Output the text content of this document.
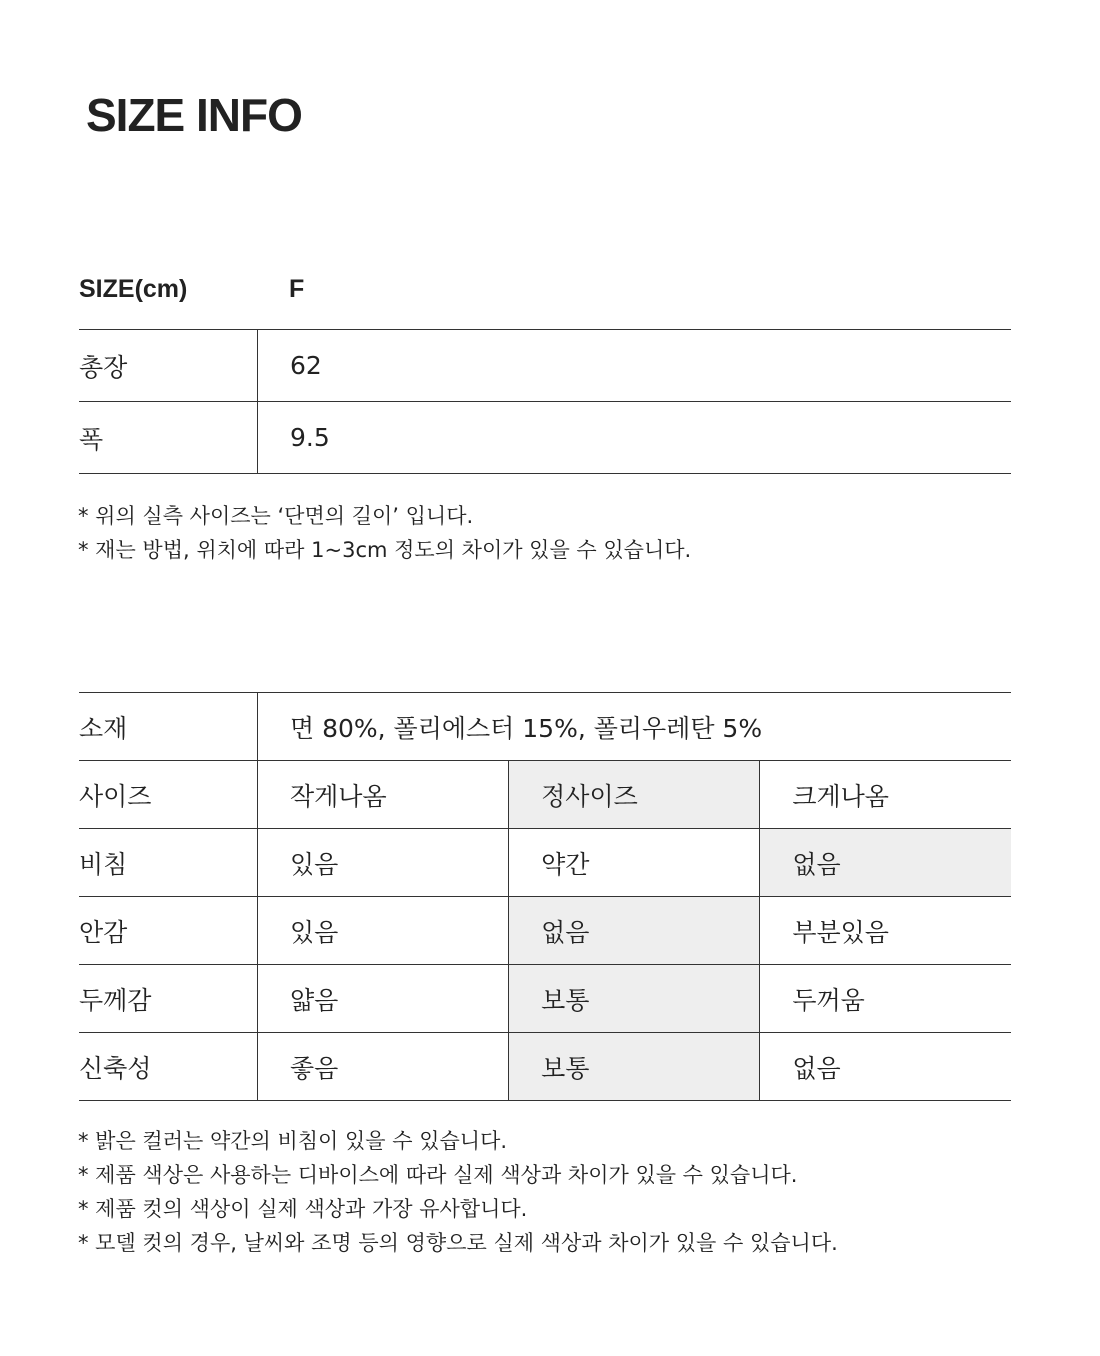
SIZE INFO
SIZE(cm)	F
총장	62
폭	9.5
* 위의 실측 사이즈는 ‘단면의 길이’ 입니다.
* 재는 방법, 위치에 따라 1~3cm 정도의 차이가 있을 수 있습니다.
소재	면 80%, 폴리에스터 15%, 폴리우레탄 5%		
사이즈	작게나옴	정사이즈	크게나옴
비침	있음	약간	없음
안감	있음	없음	부분있음
두께감	얇음	보통	두꺼움
신축성	좋음	보통	없음
* 밝은 컬러는 약간의 비침이 있을 수 있습니다.
* 제품 색상은 사용하는 디바이스에 따라 실제 색상과 차이가 있을 수 있습니다.
* 제품 컷의 색상이 실제 색상과 가장 유사합니다.
* 모델 컷의 경우, 날씨와 조명 등의 영향으로 실제 색상과 차이가 있을 수 있습니다.
